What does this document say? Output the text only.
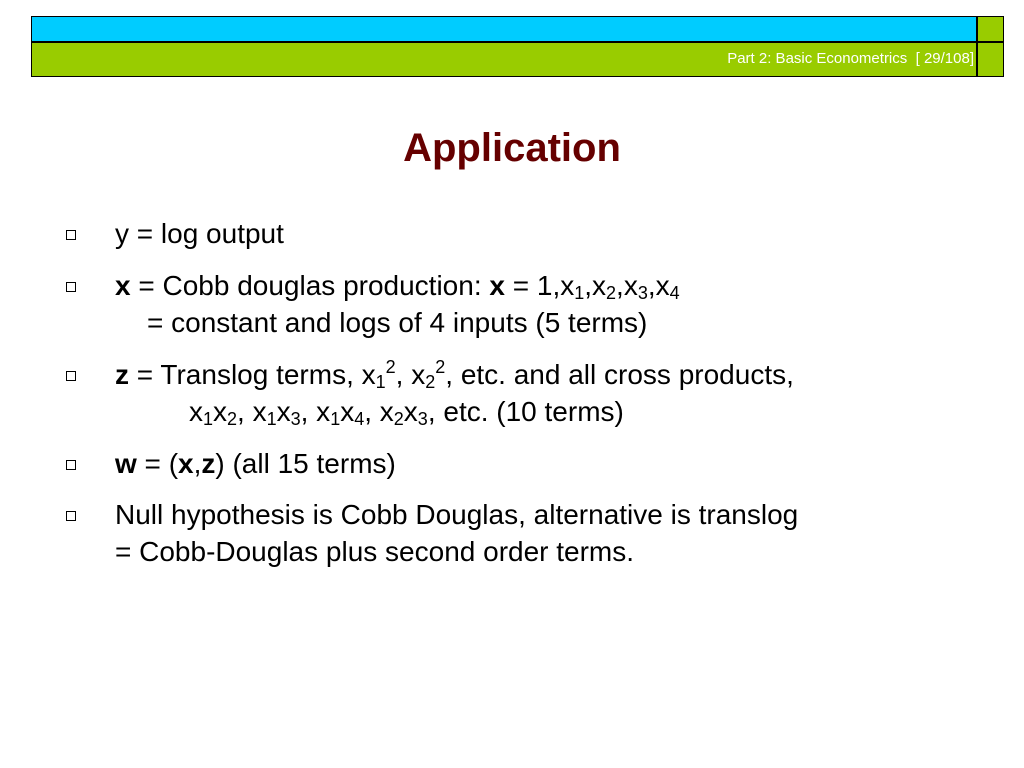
Part 2: Basic Econometrics  [ 29/108]
Application
y = log output
x = Cobb douglas production: $x = 1,x_1,x_2,x_3,x_4$
= constant and logs of 4 inputs (5 terms)
z = Translog terms, $x_1^2$, $x_2^2$, etc. and all cross products,
$x_1x_2$, $x_1x_3$, $x_1x_4$, $x_2x_3$, etc. (10 terms)
w = (x,z) (all 15 terms)
Null hypothesis is Cobb Douglas, alternative is translog
= Cobb-Douglas plus second order terms.
